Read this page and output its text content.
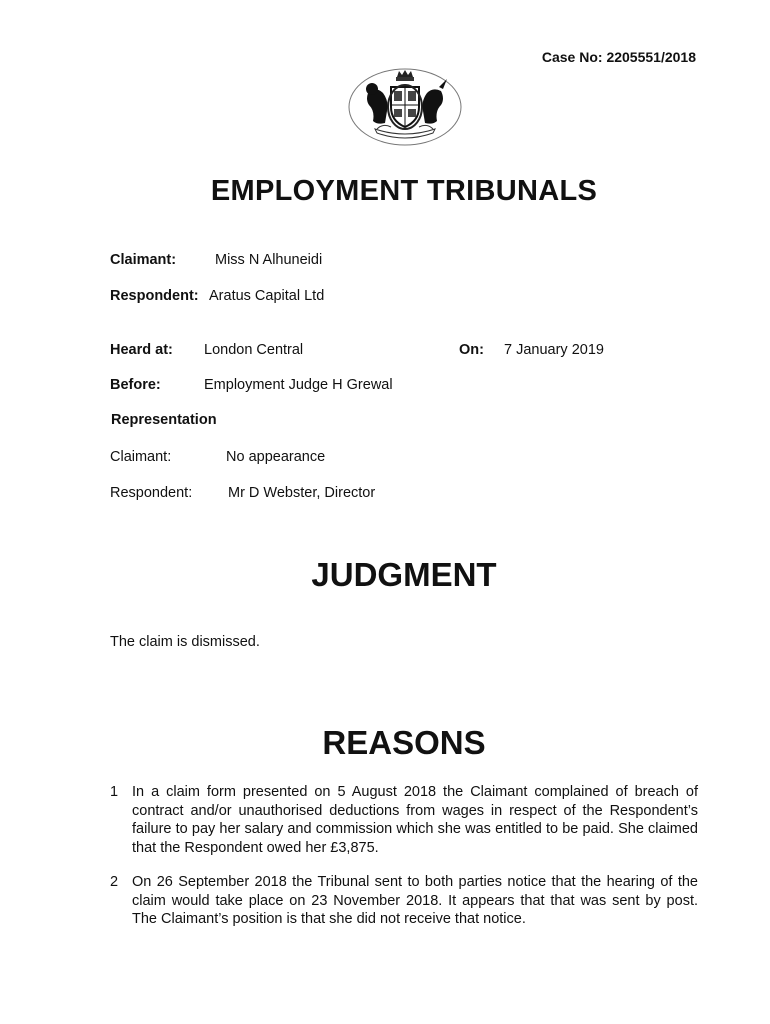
Case No: 2205551/2018
EMPLOYMENT TRIBUNALS
Claimant:	Miss N Alhuneidi
Respondent: Aratus Capital Ltd
Heard at: London Central	On: 7 January 2019
Before:	Employment Judge H Grewal
Representation
Claimant:	No appearance
Respondent: Mr D Webster, Director
JUDGMENT
The claim is dismissed.
REASONS
1 In a claim form presented on 5 August 2018 the Claimant complained of breach of contract and/or unauthorised deductions from wages in respect of the Respondent’s failure to pay her salary and commission which she was entitled to be paid. She claimed that the Respondent owed her £3,875.
2 On 26 September 2018 the Tribunal sent to both parties notice that the hearing of the claim would take place on 23 November 2018. It appears that that was sent by post. The Claimant’s position is that she did not receive that notice.
